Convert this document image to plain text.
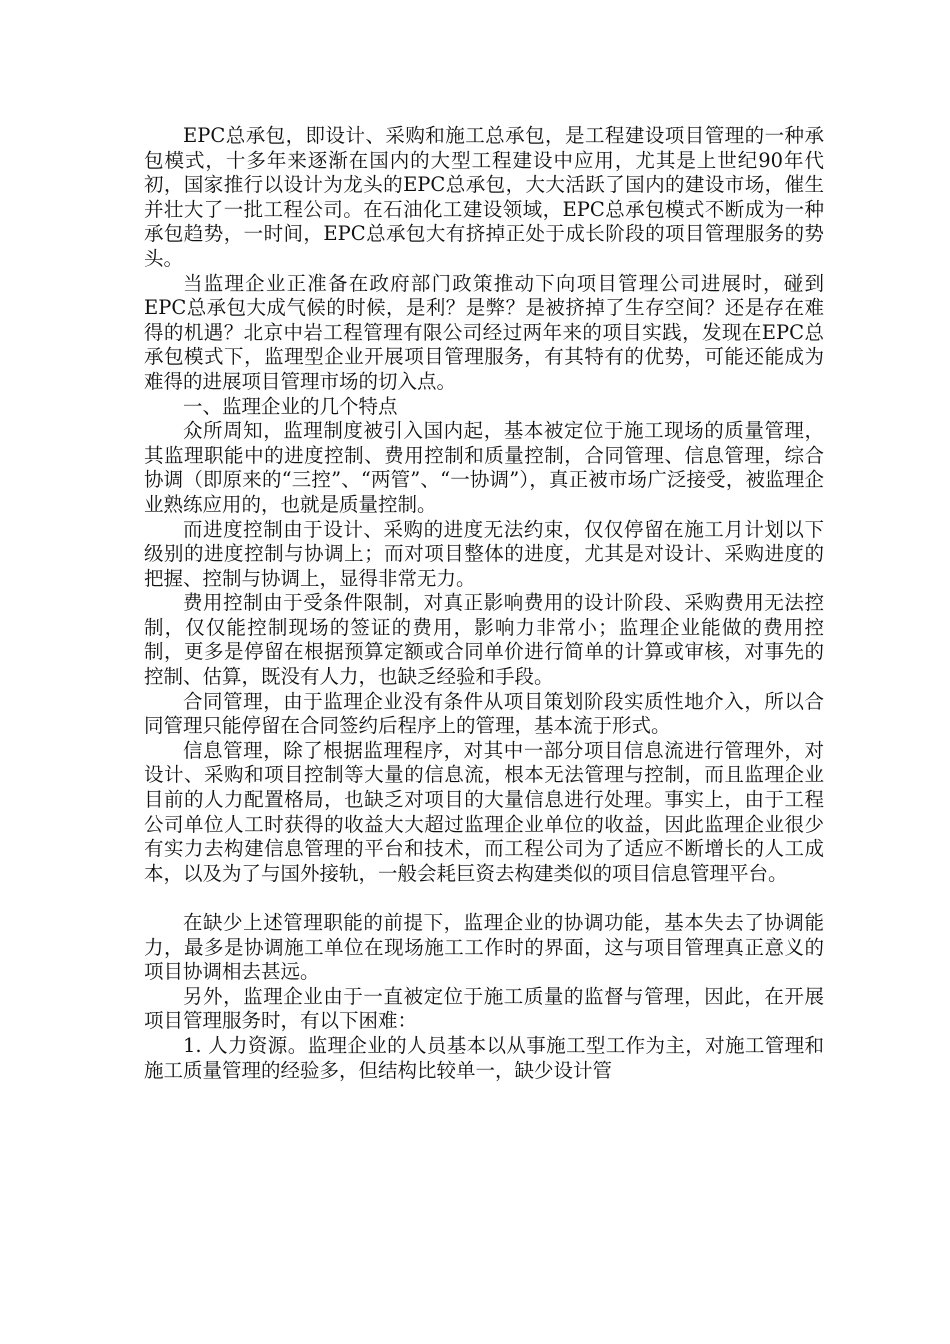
EPC总承包，即设计、采购和施工总承包，是工程建设项目管理的一种承包模式，十多年来逐渐在国内的大型工程建设中应用，尤其是上世纪90年代初，国家推行以设计为龙头的EPC总承包，大大活跃了国内的建设市场，催生并壮大了一批工程公司。在石油化工建设领域，EPC总承包模式不断成为一种承包趋势，一时间，EPC总承包大有挤掉正处于成长阶段的项目管理服务的势头。

当监理企业正准备在政府部门政策推动下向项目管理公司进展时，碰到EPC总承包大成气候的时候，是利？是弊？是被挤掉了生存空间？还是存在难得的机遇？北京中岩工程管理有限公司经过两年来的项目实践，发现在EPC总承包模式下，监理型企业开展项目管理服务，有其特有的优势，可能还能成为难得的进展项目管理市场的切入点。

一、监理企业的几个特点

众所周知，监理制度被引入国内起，基本被定位于施工现场的质量管理，其监理职能中的进度控制、费用控制和质量控制，合同管理、信息管理，综合协调（即原来的“三控”、“两管”、“一协调”），真正被市场广泛接受，被监理企业熟练应用的，也就是质量控制。

而进度控制由于设计、采购的进度无法约束，仅仅停留在施工月计划以下级别的进度控制与协调上；而对项目整体的进度，尤其是对设计、采购进度的把握、控制与协调上，显得非常无力。

费用控制由于受条件限制，对真正影响费用的设计阶段、采购费用无法控制，仅仅能控制现场的签证的费用，影响力非常小；监理企业能做的费用控制，更多是停留在根据预算定额或合同单价进行简单的计算或审核，对事先的控制、估算，既没有人力，也缺乏经验和手段。

合同管理，由于监理企业没有条件从项目策划阶段实质性地介入，所以合同管理只能停留在合同签约后程序上的管理，基本流于形式。

信息管理，除了根据监理程序，对其中一部分项目信息流进行管理外，对设计、采购和项目控制等大量的信息流，根本无法管理与控制，而且监理企业目前的人力配置格局，也缺乏对项目的大量信息进行处理。事实上，由于工程公司单位人工时获得的收益大大超过监理企业单位的收益，因此监理企业很少有实力去构建信息管理的平台和技术，而工程公司为了适应不断增长的人工成本，以及为了与国外接轨，一般会耗巨资去构建类似的项目信息管理平台。

在缺少上述管理职能的前提下，监理企业的协调功能，基本失去了协调能力，最多是协调施工单位在现场施工工作时的界面，这与项目管理真正意义的项目协调相去甚远。

另外，监理企业由于一直被定位于施工质量的监督与管理，因此，在开展项目管理服务时，有以下困难：

1. 人力资源。监理企业的人员基本以从事施工型工作为主，对施工管理和施工质量管理的经验多，但结构比较单一，缺少设计管
